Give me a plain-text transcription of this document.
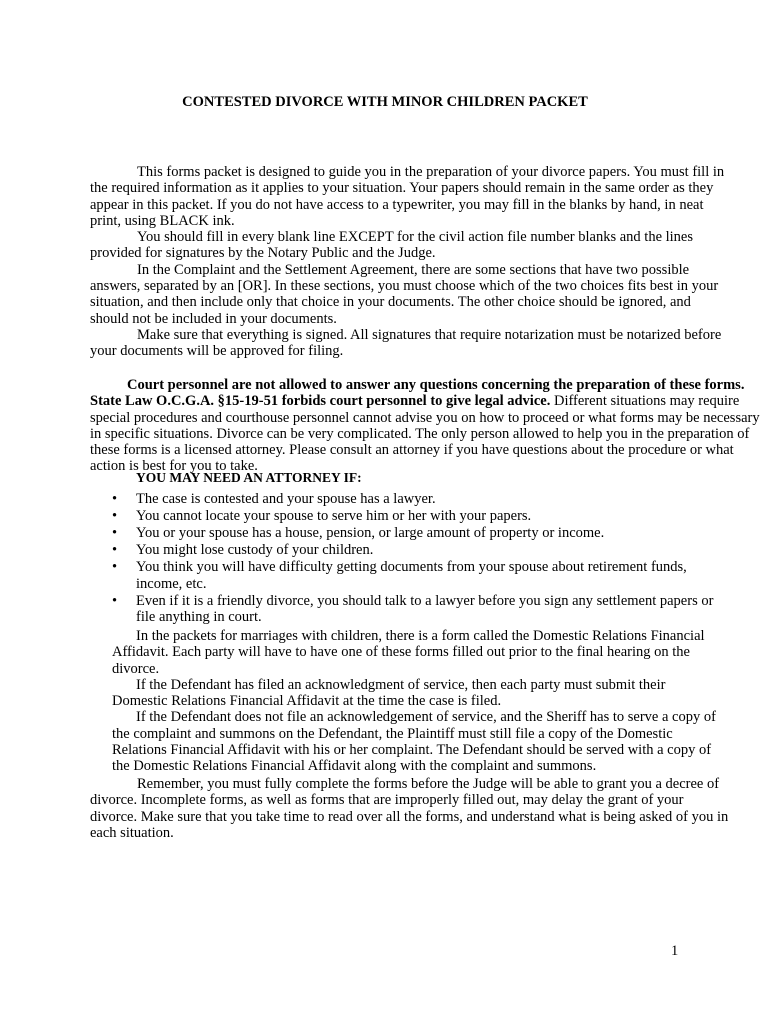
CONTESTED DIVORCE WITH MINOR CHILDREN PACKET

This forms packet is designed to guide you in the preparation of your divorce papers. You must fill in the required information as it applies to your situation. Your papers should remain in the same order as they appear in this packet. If you do not have access to a typewriter, you may fill in the blanks by hand, in neat print, using BLACK ink.

You should fill in every blank line EXCEPT for the civil action file number blanks and the lines provided for signatures by the Notary Public and the Judge.

In the Complaint and the Settlement Agreement, there are some sections that have two possible answers, separated by an [OR]. In these sections, you must choose which of the two choices fits best in your situation, and then include only that choice in your documents. The other choice should be ignored, and should not be included in your documents.

Make sure that everything is signed. All signatures that require notarization must be notarized before your documents will be approved for filing.

Court personnel are not allowed to answer any questions concerning the preparation of these forms.
State Law O.C.G.A. §15-19-51 forbids court personnel to give legal advice. Different situations may require special procedures and courthouse personnel cannot advise you on how to proceed or what forms may be necessary in specific situations. Divorce can be very complicated. The only person allowed to help you in the preparation of these forms is a licensed attorney. Please consult an attorney if you have questions about the procedure or what action is best for you to take.

YOU MAY NEED AN ATTORNEY IF:
• The case is contested and your spouse has a lawyer.
• You cannot locate your spouse to serve him or her with your papers.
• You or your spouse has a house, pension, or large amount of property or income.
• You might lose custody of your children.
• You think you will have difficulty getting documents from your spouse about retirement funds, income, etc.
• Even if it is a friendly divorce, you should talk to a lawyer before you sign any settlement papers or file anything in court.

In the packets for marriages with children, there is a form called the Domestic Relations Financial Affidavit. Each party will have to have one of these forms filled out prior to the final hearing on the divorce.

If the Defendant has filed an acknowledgment of service, then each party must submit their Domestic Relations Financial Affidavit at the time the case is filed.

If the Defendant does not file an acknowledgement of service, and the Sheriff has to serve a copy of the complaint and summons on the Defendant, the Plaintiff must still file a copy of the Domestic Relations Financial Affidavit with his or her complaint. The Defendant should be served with a copy of the Domestic Relations Financial Affidavit along with the complaint and summons.

Remember, you must fully complete the forms before the Judge will be able to grant you a decree of divorce. Incomplete forms, as well as forms that are improperly filled out, may delay the grant of your divorce. Make sure that you take time to read over all the forms, and understand what is being asked of you in each situation.

1
